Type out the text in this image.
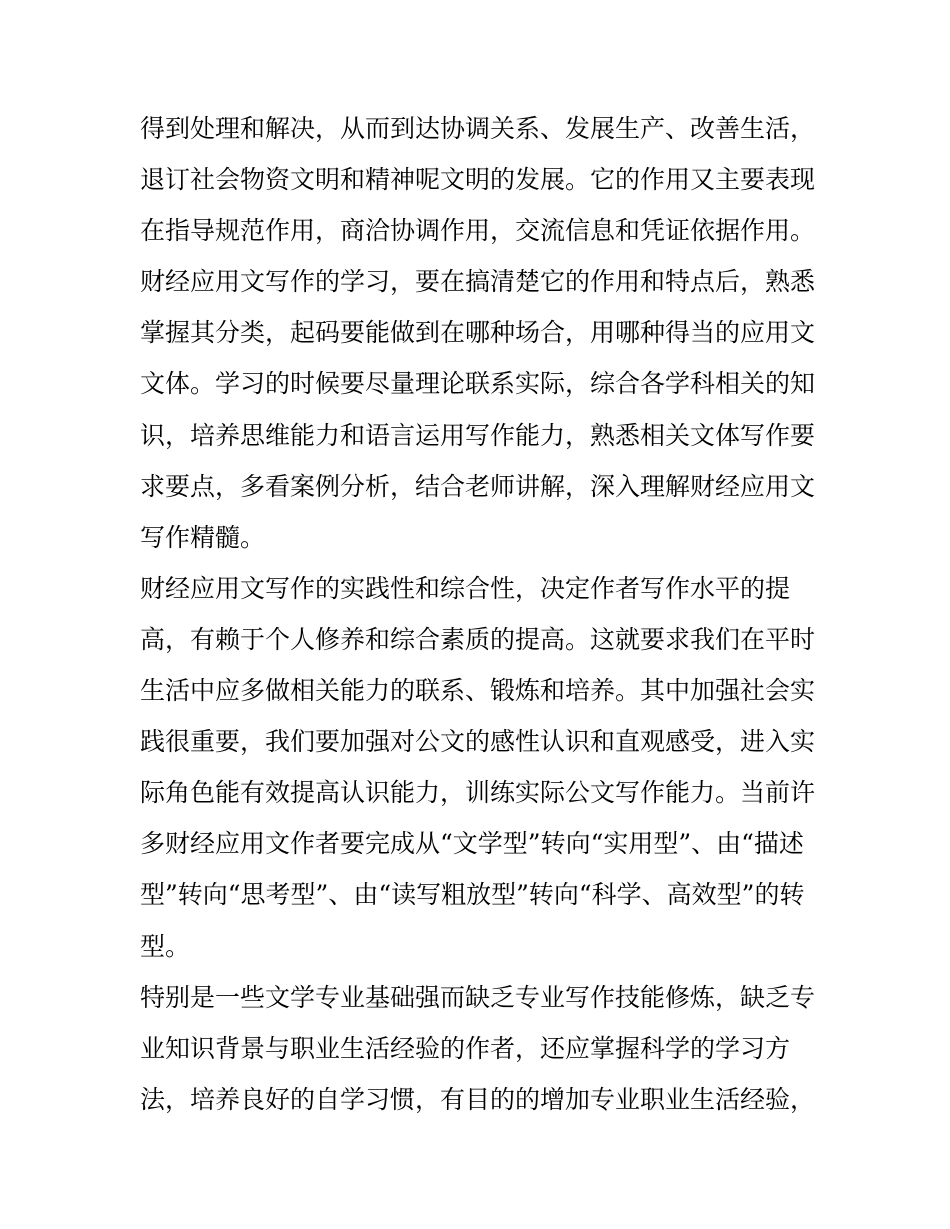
得到处理和解决，从而到达协调关系、发展生产、改善生活，
退订社会物资文明和精神呢文明的发展。它的作用又主要表现
在指导规范作用，商洽协调作用，交流信息和凭证依据作用。
财经应用文写作的学习，要在搞清楚它的作用和特点后，熟悉
掌握其分类，起码要能做到在哪种场合，用哪种得当的应用文
文体。学习的时候要尽量理论联系实际，综合各学科相关的知
识，培养思维能力和语言运用写作能力，熟悉相关文体写作要
求要点，多看案例分析，结合老师讲解，深入理解财经应用文
写作精髓。
财经应用文写作的实践性和综合性，决定作者写作水平的提
高，有赖于个人修养和综合素质的提高。这就要求我们在平时
生活中应多做相关能力的联系、锻炼和培养。其中加强社会实
践很重要，我们要加强对公文的感性认识和直观感受，进入实
际角色能有效提高认识能力，训练实际公文写作能力。当前许
多财经应用文作者要完成从“文学型”转向“实用型”、由“描述
型”转向“思考型”、由“读写粗放型”转向“科学、高效型”的转
型。
特别是一些文学专业基础强而缺乏专业写作技能修炼，缺乏专
业知识背景与职业生活经验的作者，还应掌握科学的学习方
法，培养良好的自学习惯，有目的的增加专业职业生活经验，
